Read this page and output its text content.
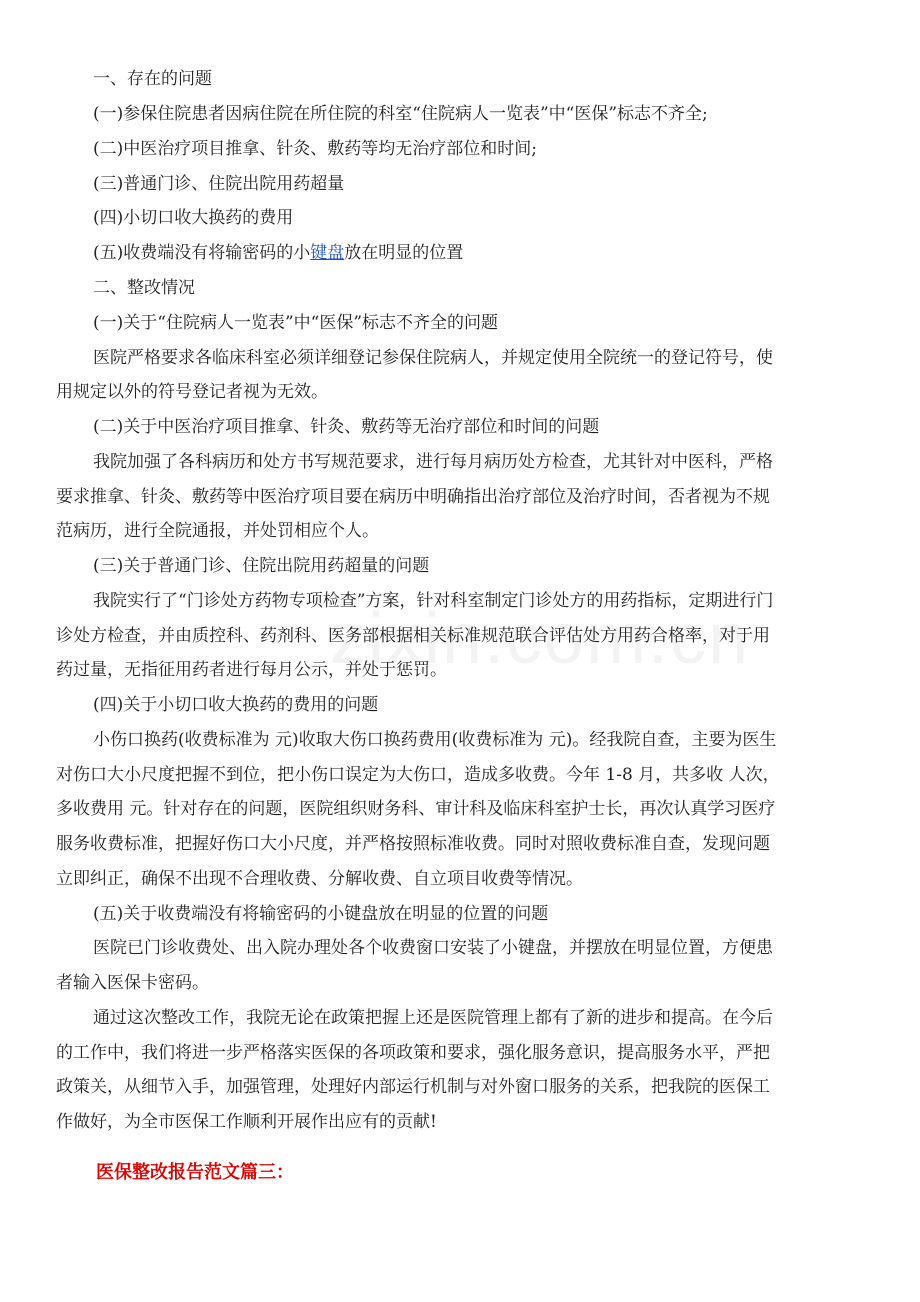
一、存在的问题
(一)参保住院患者因病住院在所住院的科室“住院病人一览表”中“医保”标志不齐全;
(二)中医治疗项目推拿、针灸、敷药等均无治疗部位和时间;
(三)普通门诊、住院出院用药超量
(四)小切口收大换药的费用
(五)收费端没有将输密码的小键盘放在明显的位置
二、整改情况
(一)关于“住院病人一览表”中“医保”标志不齐全的问题
医院严格要求各临床科室必须详细登记参保住院病人，并规定使用全院统一的登记符号，使
用规定以外的符号登记者视为无效。
(二)关于中医治疗项目推拿、针灸、敷药等无治疗部位和时间的问题
我院加强了各科病历和处方书写规范要求，进行每月病历处方检查，尤其针对中医科，严格
要求推拿、针灸、敷药等中医治疗项目要在病历中明确指出治疗部位及治疗时间，否者视为不规
范病历，进行全院通报，并处罚相应个人。
(三)关于普通门诊、住院出院用药超量的问题
我院实行了“门诊处方药物专项检查”方案，针对科室制定门诊处方的用药指标，定期进行门
诊处方检查，并由质控科、药剂科、医务部根据相关标准规范联合评估处方用药合格率，对于用
药过量，无指征用药者进行每月公示，并处于惩罚。
(四)关于小切口收大换药的费用的问题
小伤口换药(收费标准为 元)收取大伤口换药费用(收费标准为 元)。经我院自查，主要为医生
对伤口大小尺度把握不到位，把小伤口误定为大伤口，造成多收费。今年 1-8 月，共多收 人次，
多收费用 元。针对存在的问题，医院组织财务科、审计科及临床科室护士长，再次认真学习医疗
服务收费标准，把握好伤口大小尺度，并严格按照标准收费。同时对照收费标准自查，发现问题
立即纠正，确保不出现不合理收费、分解收费、自立项目收费等情况。
(五)关于收费端没有将输密码的小键盘放在明显的位置的问题
医院已门诊收费处、出入院办理处各个收费窗口安装了小键盘，并摆放在明显位置，方便患
者输入医保卡密码。
通过这次整改工作，我院无论在政策把握上还是医院管理上都有了新的进步和提高。在今后
的工作中，我们将进一步严格落实医保的各项政策和要求，强化服务意识，提高服务水平，严把
政策关，从细节入手，加强管理，处理好内部运行机制与对外窗口服务的关系，把我院的医保工
作做好，为全市医保工作顺利开展作出应有的贡献!
医保整改报告范文篇三：
